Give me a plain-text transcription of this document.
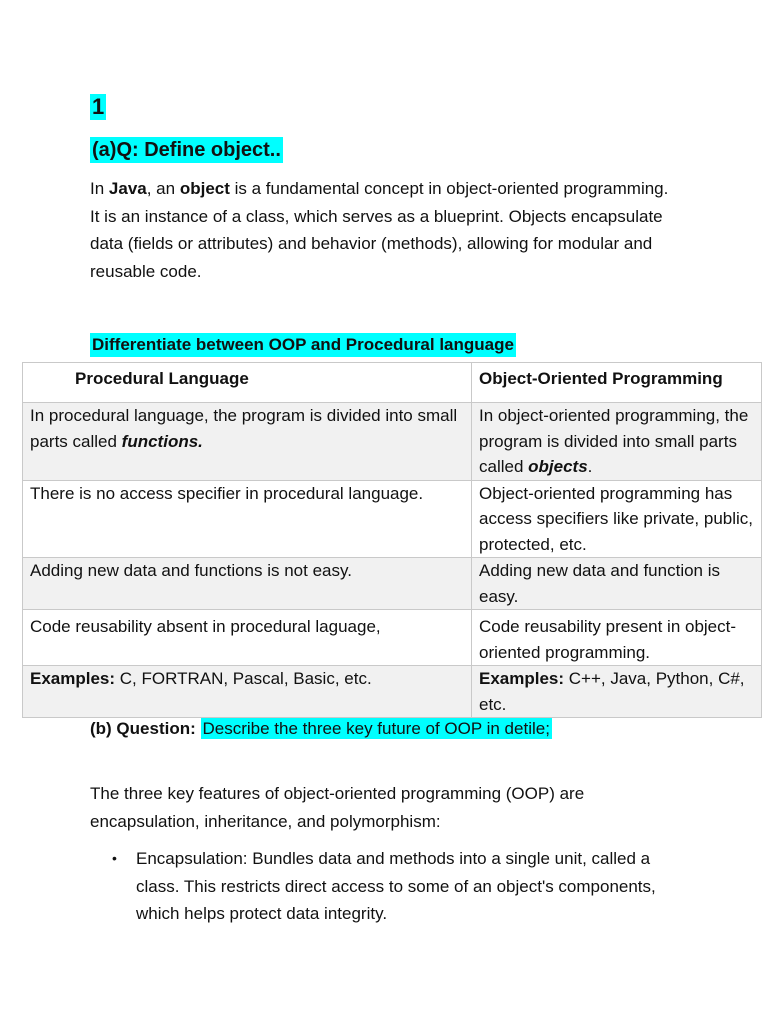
1
(a)Q: Define object..
In Java, an object is a fundamental concept in object-oriented programming. It is an instance of a class, which serves as a blueprint. Objects encapsulate data (fields or attributes) and behavior (methods), allowing for modular and reusable code.
Differentiate between OOP and Procedural language
Procedural Language	Object-Oriented Programming
In procedural language, the program is divided into small parts called functions.	In object-oriented programming, the program is divided into small parts called objects.
There is no access specifier in procedural language.	Object-oriented programming has access specifiers like private, public, protected, etc.
Adding new data and functions is not easy.	Adding new data and function is easy.
Code reusability absent in procedural laguage,	Code reusability present in object-oriented programming.
Examples: C, FORTRAN, Pascal, Basic, etc.	Examples: C++, Java, Python, C#, etc.
(b) Question: Describe the three key future of OOP in detile;
The three key features of object-oriented programming (OOP) are encapsulation, inheritance, and polymorphism:
• Encapsulation: Bundles data and methods into a single unit, called a class. This restricts direct access to some of an object's components, which helps protect data integrity.
